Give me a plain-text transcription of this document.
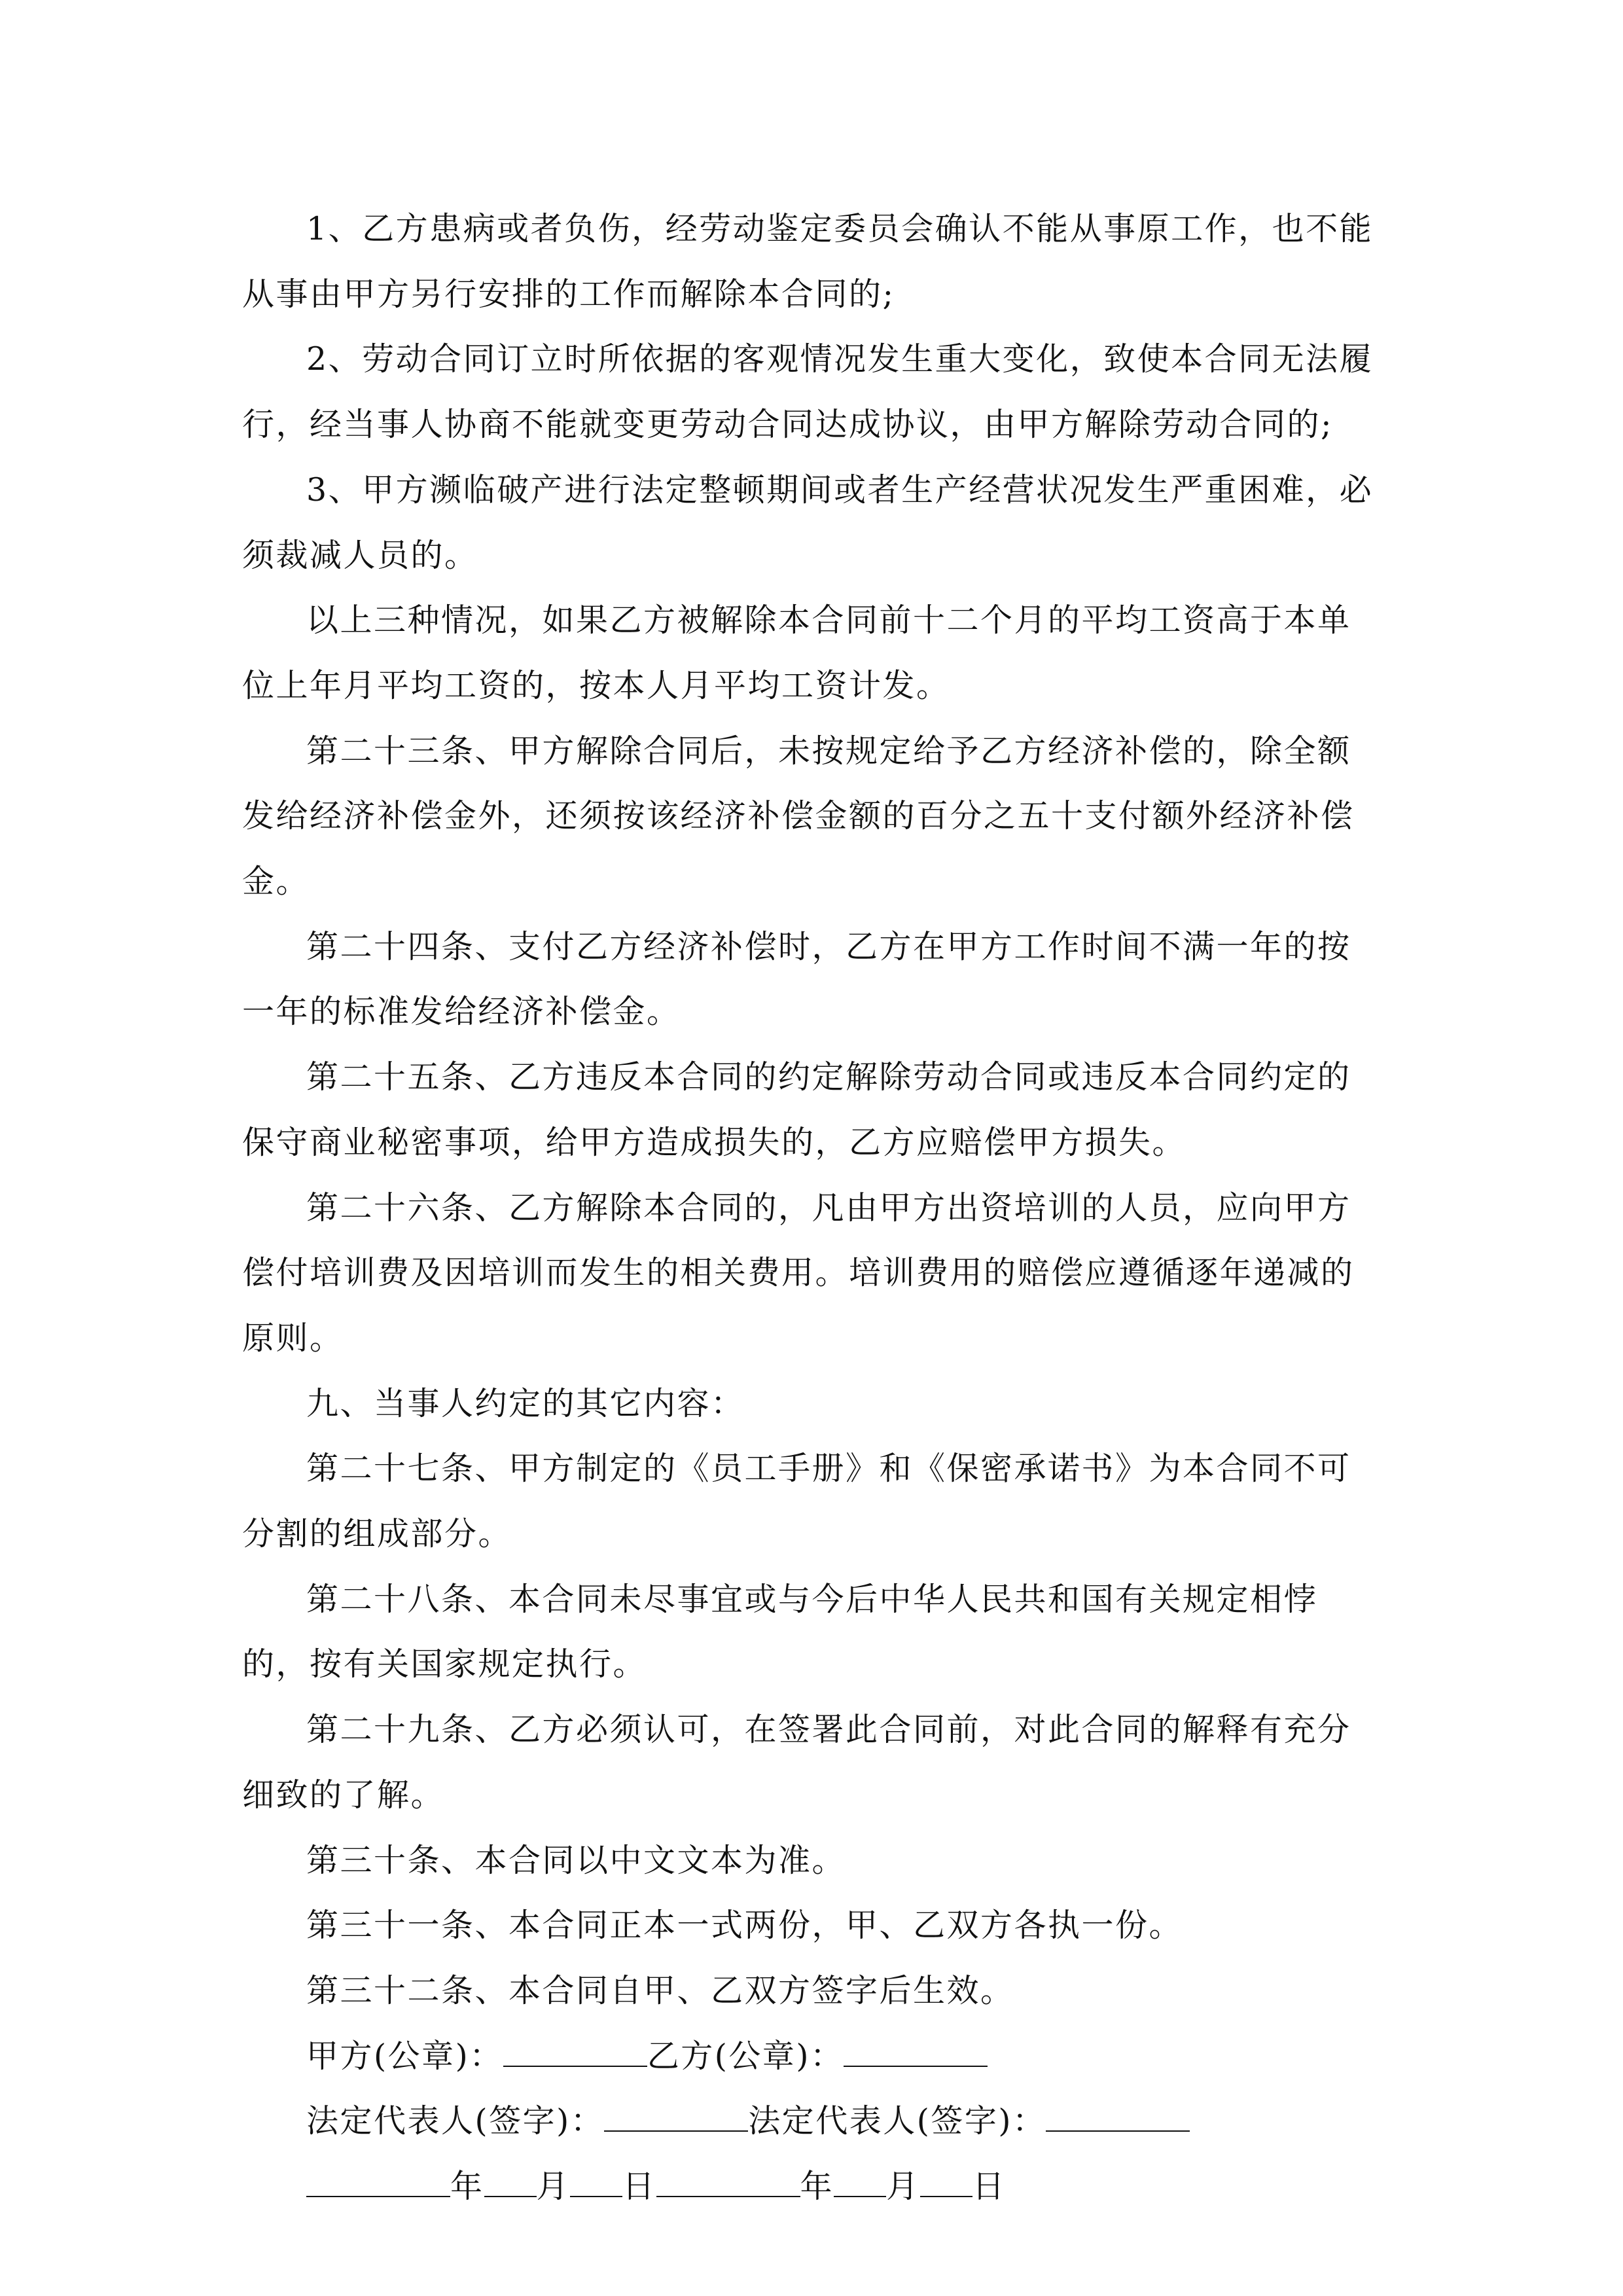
1、乙方患病或者负伤，经劳动鉴定委员会确认不能从事原工作，也不能从事由甲方另行安排的工作而解除本合同的;

2、劳动合同订立时所依据的客观情况发生重大变化，致使本合同无法履行，经当事人协商不能就变更劳动合同达成协议，由甲方解除劳动合同的;

3、甲方濒临破产进行法定整顿期间或者生产经营状况发生严重困难，必须裁减人员的。

以上三种情况，如果乙方被解除本合同前十二个月的平均工资高于本单位上年月平均工资的，按本人月平均工资计发。

第二十三条、甲方解除合同后，未按规定给予乙方经济补偿的，除全额发给经济补偿金外，还须按该经济补偿金额的百分之五十支付额外经济补偿金。

第二十四条、支付乙方经济补偿时，乙方在甲方工作时间不满一年的按一年的标准发给经济补偿金。

第二十五条、乙方违反本合同的约定解除劳动合同或违反本合同约定的保守商业秘密事项，给甲方造成损失的，乙方应赔偿甲方损失。

第二十六条、乙方解除本合同的，凡由甲方出资培训的人员，应向甲方偿付培训费及因培训而发生的相关费用。培训费用的赔偿应遵循逐年递减的原则。

九、当事人约定的其它内容：

第二十七条、甲方制定的《员工手册》和《保密承诺书》为本合同不可分割的组成部分。

第二十八条、本合同未尽事宜或与今后中华人民共和国有关规定相悖的，按有关国家规定执行。

第二十九条、乙方必须认可，在签署此合同前，对此合同的解释有充分细致的了解。

第三十条、本合同以中文文本为准。

第三十一条、本合同正本一式两份，甲、乙双方各执一份。

第三十二条、本合同自甲、乙双方签字后生效。

甲方(公章)：	乙方(公章)：

法定代表人(签字)：	法定代表人(签字)：

年 月 日	年 月 日
